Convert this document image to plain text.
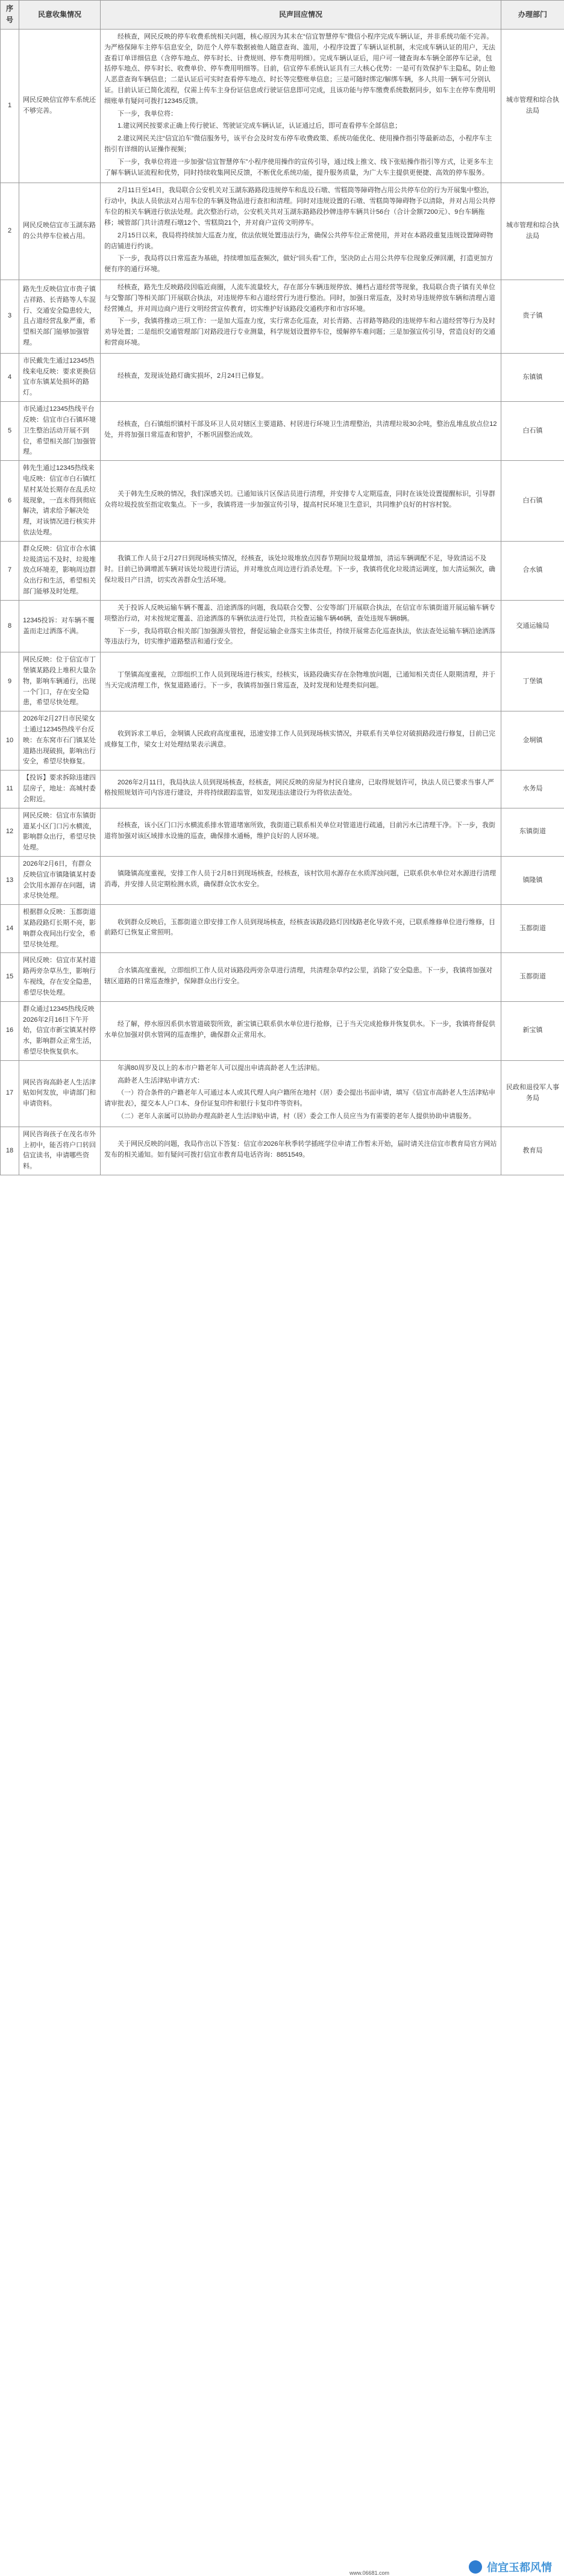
序号	民意收集情况	民声回应情况	办理部门
1	网民反映信宜停车系统还不够完善。	经核查，网民反映的停车收费系统相关问题，核心原因为其未在“信宜智慧停车”微信小程序完成车辆认证，并非系统功能不完善。为严格保障车主停车信息安全，防范个人停车数据被他人随意查询、滥用，小程序设置了车辆认证机制，未完成车辆认证的用户，无法查看订单详细信息（含停车地点、停车时长、计费规则、停车费用明细）。完成车辆认证后，用户可一键查询本车辆全部停车记录，包括停车地点、停车时长、收费单价、停车费用明细等。目前，信宜停车系统认证具有三大核心优势：一是可有效保护车主隐私，防止他人恶意查询车辆信息；二是认证后可实时查看停车地点、时长等完整账单信息；三是可随时绑定/解绑车辆，多人共用一辆车可分别认证。目前认证已简化流程，仅需上传车主身份证信息或行驶证信息即可完成，且该功能与停车缴费系统数据同步，如车主在停车费用明细账单有疑问可拨打12345反馈。
下一步，我单位将：
1.建议网民按要求正确上传行驶证、驾驶证完成车辆认证，认证通过后，即可查看停车全部信息；
2.建议网民关注“信宜泊车”微信服务号，该平台会及时发布停车收费政策、系统功能优化、使用操作指引等最新动态，小程序车主指引有详细的认证操作视频；
下一步，我单位将进一步加强“信宜智慧停车”小程序使用操作的宣传引导，通过线上推文、线下张贴操作指引等方式，让更多车主了解车辆认证流程和优势，同时持续收集网民反馈，不断优化系统功能，提升服务质量，为广大车主提供更便捷、高效的停车服务。	城市管理和综合执法局
2	网民反映信宜市玉湖东路的公共停车位被占用。	2月11日至14日，我局联合公安机关对玉湖东路路段违规停车和乱设石墩、雪糕筒等障碍物占用公共停车位的行为开展集中整治，行动中，执法人员依法对占用车位的车辆及物品进行查扣和清理。同时对违规设置的石墩、雪糕筒等障碍物予以清除，并对占用公共停车位的相关车辆进行依法处理。此次整治行动，公安机关共对玉湖东路路段抄牌违停车辆共计56台（合计金额7200元）、9台车辆拖移；城管部门共计清理石墩12个、雪糕筒21个，并对商户宣传文明停车。
2月15日以来，我局将持续加大巡查力度，依法依规处置违法行为，确保公共停车位正常使用，并对在本路段重复违规设置障碍物的店铺进行约谈。
下一步，我局将以日常巡查为基础，持续增加巡查频次，做好“回头看”工作，坚决防止占用公共停车位现象反弹回潮，打造更加方便有序的通行环境。	城市管理和综合执法局
3	路先生反映信宜市贵子镇吉祥路、长青路等人车混行、交通安全隐患较大，且占道经营乱象严重，希望相关部门能够加强管理。	经核查，路先生反映路段因临近商圈，人流车流量较大，存在部分车辆违规停放、摊档占道经营等现象，我局联合贵子镇有关单位与交警部门等相关部门开展联合执法，对违规停车和占道经营行为进行整治。同时，加强日常巡查，及时劝导违规停放车辆和清理占道经营摊点，并对周边商户进行文明经营宣传教育，切实维护好该路段交通秩序和市容环境。
下一步，我镇将推动三项工作：一是加大巡查力度，实行常态化巡查，对长青路、吉祥路等路段的违规停车和占道经营等行为及时劝导处置；二是组织交通管理部门对路段进行专业测量，科学规划设置停车位，缓解停车难问题；三是加强宣传引导，营造良好的交通和营商环境。	贵子镇
4	市民戴先生通过12345热线来电反映：要求更换信宜市东镇某处损坏的路灯。	经核查，发现该处路灯确实损坏，2月24日已修复。	东镇镇
5	市民通过12345热线平台反映：信宜市白石镇环境卫生整治活动开展不到位，希望相关部门加强管理。	经核查，白石镇组织镇村干部及环卫人员对辖区主要道路、村居进行环境卫生清理整治，共清理垃圾30余吨，整治乱堆乱放点位12处，并将加强日常巡查和管护，不断巩固整治成效。	白石镇
6	韩先生通过12345热线来电反映：信宜市白石镇红星村某处长期存在乱丢垃圾现象，一直未得到彻底解决，请求给予解决处理，对该情况进行核实并依法处理。	关于韩先生反映的情况，我们深感关切。已通知该片区保洁员进行清理，并安排专人定期巡查，同时在该处设置提醒标识，引导群众将垃圾投放至指定收集点。下一步，我镇将进一步加强宣传引导，提高村民环境卫生意识，共同维护良好的村容村貌。	白石镇
7	群众反映：信宜市合水镇垃圾清运不及时、垃圾堆放点环境差，影响周边群众出行和生活，希望相关部门能够及时处理。	我镇工作人员于2月27日到现场核实情况，经核查，该处垃圾堆放点因春节期间垃圾量增加，清运车辆调配不足，导致清运不及时。目前已协调增派车辆对该处垃圾进行清运，并对堆放点周边进行消杀处理。下一步，我镇将优化垃圾清运调度，加大清运频次，确保垃圾日产日清，切实改善群众生活环境。	合水镇
8	12345投诉：对车辆不覆盖而走过洒落不满。	关于投诉人反映运输车辆不覆盖、沿途洒落的问题，我局联合交警、公安等部门开展联合执法，在信宜市东镇街道开展运输车辆专项整治行动，对未按规定覆盖、沿途洒落的车辆依法进行处罚，共检查运输车辆46辆，查处违规车辆8辆。
下一步，我局将联合相关部门加强源头管控，督促运输企业落实主体责任，持续开展常态化巡查执法，依法查处运输车辆沿途洒落等违法行为，切实维护道路整洁和通行安全。	交通运输局
9	网民反映：位于信宜市丁堡镇某路段上堆积大量杂物，影响车辆通行，出现一个门口，存在安全隐患，希望尽快处理。	丁堡镇高度重视，立即组织工作人员到现场进行核实，经核实，该路段确实存在杂物堆放问题，已通知相关责任人限期清理，并于当天完成清理工作，恢复道路通行。下一步，我镇将加强日常巡查，及时发现和处理类似问题。	丁堡镇
10	2026年2月27日市民梁女士通过12345热线平台反映：在东窝市石门镇某处道路出现破损，影响出行安全，希望尽快修复。	收到诉求工单后，金垌镇人民政府高度重视，迅速安排工作人员到现场核实情况，并联系有关单位对破损路段进行修复，目前已完成修复工作，梁女士对处理结果表示满意。	金垌镇
11	【投诉】要求拆除违建四层房子，地址：高城村委会附近。	2026年2月11日，我局执法人员到现场核查，经核查，网民反映的房屋为村民自建房，已取得规划许可，执法人员已要求当事人严格按照规划许可内容进行建设，并将持续跟踪监管，如发现违法建设行为将依法查处。	水务局
12	网民反映：信宜市东镇街道某小区门口污水横流，影响群众出行，希望尽快处理。	经核查，该小区门口污水横流系排水管道堵塞所致，我街道已联系相关单位对管道进行疏通，目前污水已清理干净。下一步，我街道将加强对该区域排水设施的巡查，确保排水通畅，维护良好的人居环境。	东镇街道
13	2026年2月6日，有群众反映信宜市镇隆镇某村委会饮用水源存在问题，请求尽快处理。	镇隆镇高度重视，安排工作人员于2月8日到现场核查，经核查，该村饮用水源存在水质浑浊问题，已联系供水单位对水源进行清理消毒，并安排人员定期检测水质，确保群众饮水安全。	镇隆镇
14	根据群众反映：玉都街道某路段路灯长期不亮，影响群众夜间出行安全，希望尽快处理。	收到群众反映后，玉都街道立即安排工作人员到现场核查，经核查该路段路灯因线路老化导致不亮，已联系维修单位进行维修，目前路灯已恢复正常照明。	玉都街道
15	网民反映：信宜市某村道路两旁杂草丛生，影响行车视线，存在安全隐患，希望尽快处理。	合水镇高度重视，立即组织工作人员对该路段两旁杂草进行清理，共清理杂草约2公里，消除了安全隐患。下一步，我镇将加强对辖区道路的日常巡查维护，保障群众出行安全。	玉都街道
16	群众通过12345热线反映2026年2月16日下午开始，信宜市新宝镇某村停水，影响群众正常生活，希望尽快恢复供水。	经了解，停水原因系供水管道破裂所致，新宝镇已联系供水单位进行抢修，已于当天完成抢修并恢复供水。下一步，我镇将督促供水单位加强对供水管网的巡查维护，确保群众正常用水。	新宝镇
17	网民咨询高龄老人生活津贴如何发放，申请部门和申请资料。	年满80周岁及以上的本市户籍老年人可以提出申请高龄老人生活津贴。
高龄老人生活津贴申请方式：
（一）符合条件的户籍老年人可通过本人或其代理人向户籍所在地村（居）委会提出书面申请，填写《信宜市高龄老人生活津贴申请审批表》，提交本人户口本、身份证复印件和银行卡复印件等资料。
（二）老年人亲属可以协助办理高龄老人生活津贴申请，村（居）委会工作人员应当为有需要的老年人提供协助申请服务。	民政和退役军人事务局
18	网民咨询孩子在茂名市外上初中，能否将户口转回信宜读书，申请哪些资料。	关于网民反映的问题，我局作出以下答复：信宜市2026年秋季转学插班学位申请工作暂未开始，届时请关注信宜市教育局官方网站发布的相关通知。如有疑问可拨打信宜市教育局电话咨询：8851549。	教育局
信宜玉都风情
www.06681.com
